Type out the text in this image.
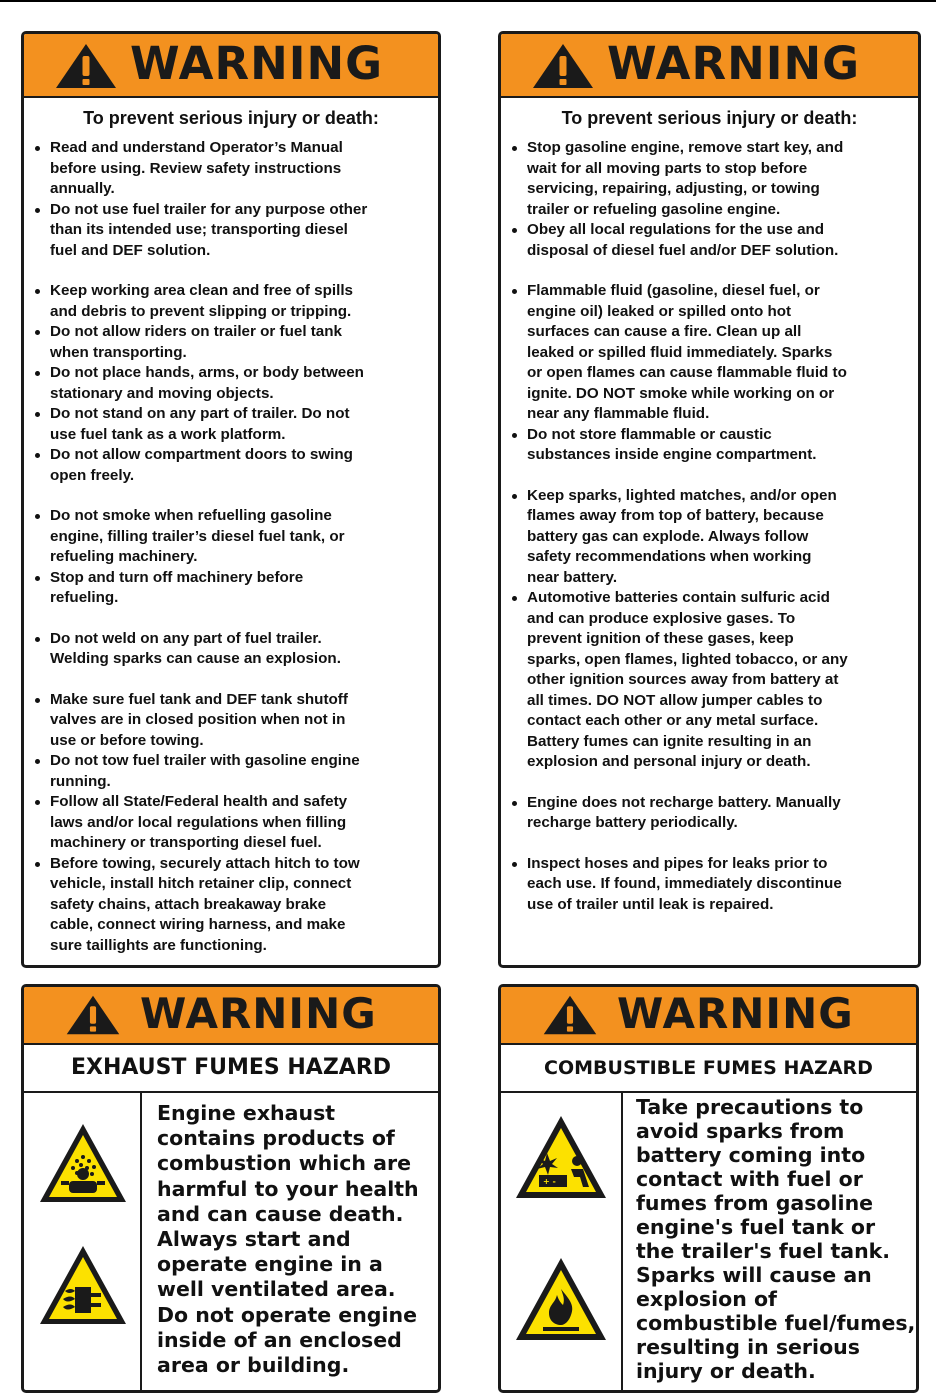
WARNING
To prevent serious injury or death:
Read and understand Operator’s Manual
before using. Review safety instructions
annually.
Do not use fuel trailer for any purpose other
than its intended use; transporting diesel
fuel and DEF solution.
Keep working area clean and free of spills
and debris to prevent slipping or tripping.
Do not allow riders on trailer or fuel tank
when transporting.
Do not place hands, arms, or body between
stationary and moving objects.
Do not stand on any part of trailer. Do not
use fuel tank as a work platform.
Do not allow compartment doors to swing
open freely.
Do not smoke when refuelling gasoline
engine, filling trailer’s diesel fuel tank, or
refueling machinery.
Stop and turn off machinery before
refueling.
Do not weld on any part of fuel trailer.
Welding sparks can cause an explosion.
Make sure fuel tank and DEF tank shutoff
valves are in closed position when not in
use or before towing.
Do not tow fuel trailer with gasoline engine
running.
Follow all State/Federal health and safety
laws and/or local regulations when filling
machinery or transporting diesel fuel.
Before towing, securely attach hitch to tow
vehicle, install hitch retainer clip, connect
safety chains, attach breakaway brake
cable, connect wiring harness, and make
sure taillights are functioning.
WARNING
To prevent serious injury or death:
Stop gasoline engine, remove start key, and
wait for all moving parts to stop before
servicing, repairing, adjusting, or towing
trailer or refueling gasoline engine.
Obey all local regulations for the use and
disposal of diesel fuel and/or DEF solution.
Flammable fluid (gasoline, diesel fuel, or
engine oil) leaked or spilled onto hot
surfaces can cause a fire. Clean up all
leaked or spilled fluid immediately. Sparks
or open flames can cause flammable fluid to
ignite. DO NOT smoke while working on or
near any flammable fluid.
Do not store flammable or caustic
substances inside engine compartment.
Keep sparks, lighted matches, and/or open
flames away from top of battery, because
battery gas can explode. Always follow
safety recommendations when working
near battery.
Automotive batteries contain sulfuric acid
and can produce explosive gases. To
prevent ignition of these gases, keep
sparks, open flames, lighted tobacco, or any
other ignition sources away from battery at
all times. DO NOT allow jumper cables to
contact each other or any metal surface.
Battery fumes can ignite resulting in an
explosion and personal injury or death.
Engine does not recharge battery. Manually
recharge battery periodically.
Inspect hoses and pipes for leaks prior to
each use. If found, immediately discontinue
use of trailer until leak is repaired.
WARNING
EXHAUST FUMES HAZARD
Engine exhaust
contains products of
combustion which are
harmful to your health
and can cause death.
Always start and
operate engine in a
well ventilated area.
Do not operate engine
inside of an enclosed
area or building.
WARNING
COMBUSTIBLE FUMES HAZARD
+ -
Take precautions to
avoid sparks from
battery coming into
contact with fuel or
fumes from gasoline
engine's fuel tank or
the trailer's fuel tank.
Sparks will cause an
explosion of
combustible fuel/fumes,
resulting in serious
injury or death.
